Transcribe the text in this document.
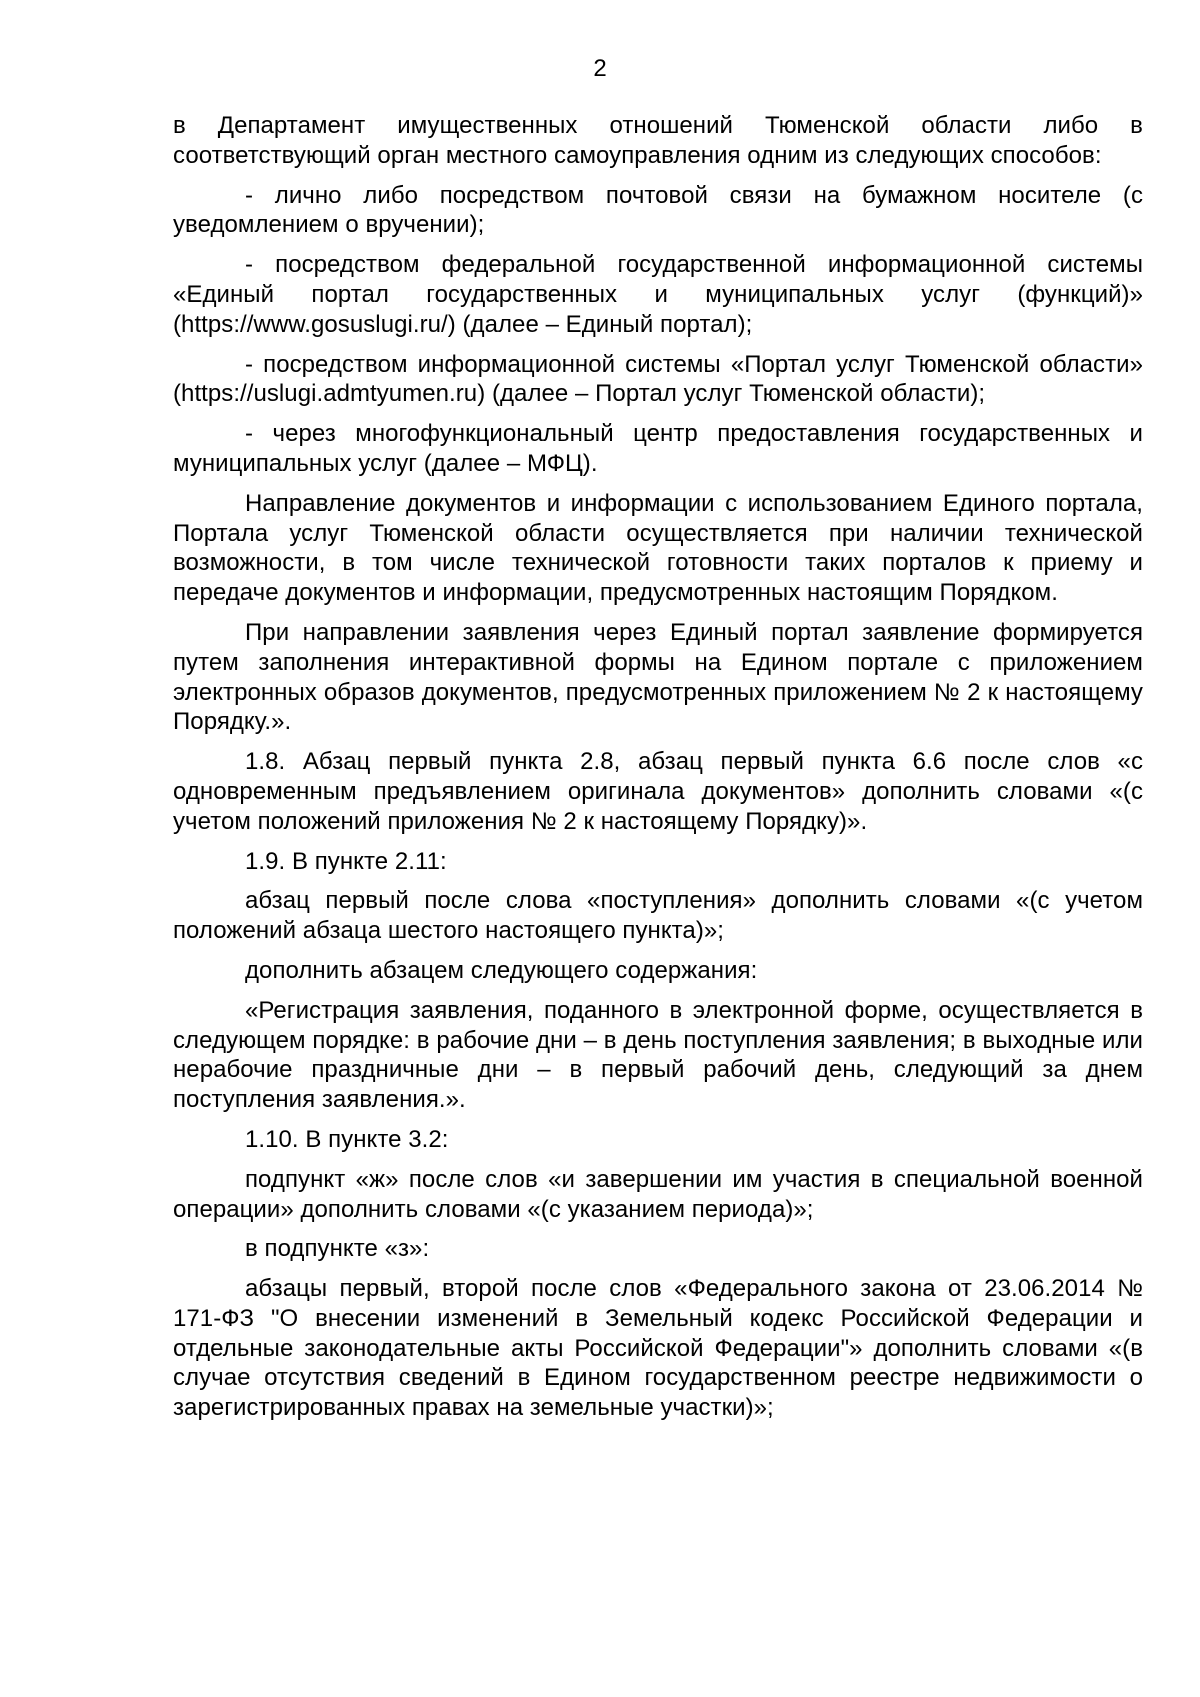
2

в Департамент имущественных отношений Тюменской области либо в соответствующий орган местного самоуправления одним из следующих способов:

- лично либо посредством почтовой связи на бумажном носителе (с уведомлением о вручении);

- посредством федеральной государственной информационной системы «Единый портал государственных и муниципальных услуг (функций)» (https://www.gosuslugi.ru/) (далее – Единый портал);

- посредством информационной системы «Портал услуг Тюменской области» (https://uslugi.admtyumen.ru) (далее – Портал услуг Тюменской области);

- через многофункциональный центр предоставления государственных и муниципальных услуг (далее – МФЦ).

Направление документов и информации с использованием Единого портала, Портала услуг Тюменской области осуществляется при наличии технической возможности, в том числе технической готовности таких порталов к приему и передаче документов и информации, предусмотренных настоящим Порядком.

При направлении заявления через Единый портал заявление формируется путем заполнения интерактивной формы на Едином портале с приложением электронных образов документов, предусмотренных приложением № 2 к настоящему Порядку.».

1.8. Абзац первый пункта 2.8, абзац первый пункта 6.6 после слов «с одновременным предъявлением оригинала документов» дополнить словами «(с учетом положений приложения № 2 к настоящему Порядку)».

1.9. В пункте 2.11:

абзац первый после слова «поступления» дополнить словами «(с учетом положений абзаца шестого настоящего пункта)»;

дополнить абзацем следующего содержания:

«Регистрация заявления, поданного в электронной форме, осуществляется в следующем порядке: в рабочие дни – в день поступления заявления; в выходные или нерабочие праздничные дни – в первый рабочий день, следующий за днем поступления заявления.».

1.10. В пункте 3.2:

подпункт «ж» после слов «и завершении им участия в специальной военной операции» дополнить словами «(с указанием периода)»;

в подпункте «з»:

абзацы первый, второй после слов «Федерального закона от 23.06.2014 № 171-ФЗ "О внесении изменений в Земельный кодекс Российской Федерации и отдельные законодательные акты Российской Федерации"» дополнить словами «(в случае отсутствия сведений в Едином государственном реестре недвижимости о зарегистрированных правах на земельные участки)»;
